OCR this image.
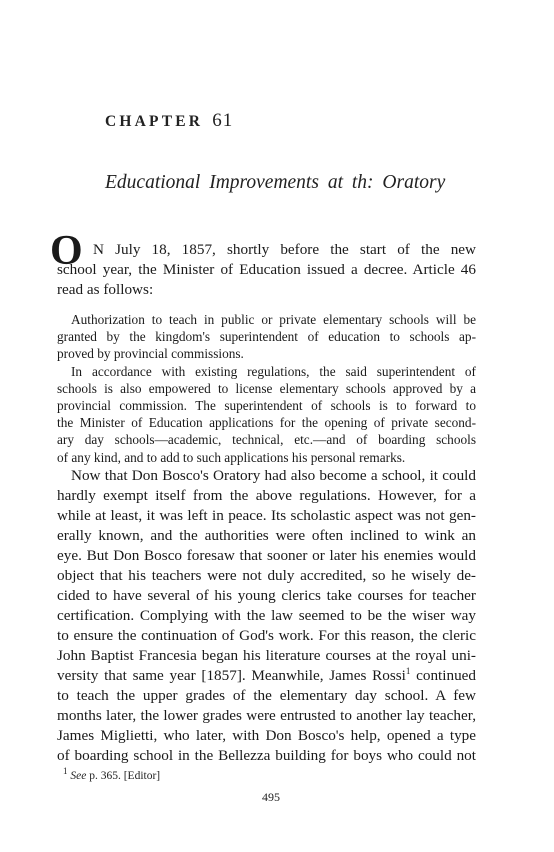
CHAPTER 61
Educational Improvements at th: Oratory
O N July 18, 1857, shortly before the start of the new
school year, the Minister of Education issued a decree. Article 46
read as follows:
Authorization to teach in public or private elementary schools will be
granted by the kingdom's superintendent of education to schools ap-
proved by provincial commissions.
In accordance with existing regulations, the said superintendent of
schools is also empowered to license elementary schools approved by a
provincial commission. The superintendent of schools is to forward to
the Minister of Education applications for the opening of private second-
ary day schools—academic, technical, etc.—and of boarding schools
of any kind, and to add to such applications his personal remarks.
Now that Don Bosco's Oratory had also become a school, it could
hardly exempt itself from the above regulations. However, for a
while at least, it was left in peace. Its scholastic aspect was not gen-
erally known, and the authorities were often inclined to wink an
eye. But Don Bosco foresaw that sooner or later his enemies would
object that his teachers were not duly accredited, so he wisely de-
cided to have several of his young clerics take courses for teacher
certification. Complying with the law seemed to be the wiser way
to ensure the continuation of God's work. For this reason, the cleric
John Baptist Francesia began his literature courses at the royal uni-
versity that same year [1857]. Meanwhile, James Rossi$^1$ continued
to teach the upper grades of the elementary day school. A few
months later, the lower grades were entrusted to another lay teacher,
James Miglietti, who later, with Don Bosco's help, opened a type
of boarding school in the Bellezza building for boys who could not
$^1$ See p. 365. [Editor]
495
